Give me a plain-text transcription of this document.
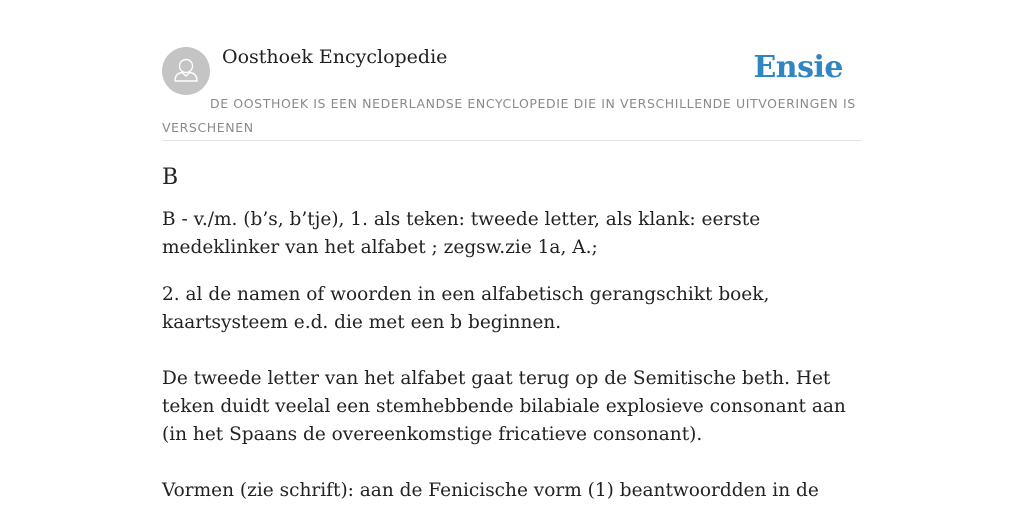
Oosthoek Encyclopedie	Ensie

DE OOSTHOEK IS EEN NEDERLANDSE ENCYCLOPEDIE DIE IN VERSCHILLENDE UITVOERINGEN IS VERSCHENEN

B

B - v./m. (b’s, b’tje), 1. als teken: tweede letter, als klank: eerste medeklinker van het alfabet ; zegsw.zie 1a, A.;

2. al de namen of woorden in een alfabetisch gerangschikt boek, kaartsysteem e.d. die met een b beginnen.

De tweede letter van het alfabet gaat terug op de Semitische beth. Het teken duidt veelal een stemhebbende bilabiale explosieve consonant aan (in het Spaans de overeenkomstige fricatieve consonant).

Vormen (zie schrift): aan de Fenicische vorm (1) beantwoordden in de
